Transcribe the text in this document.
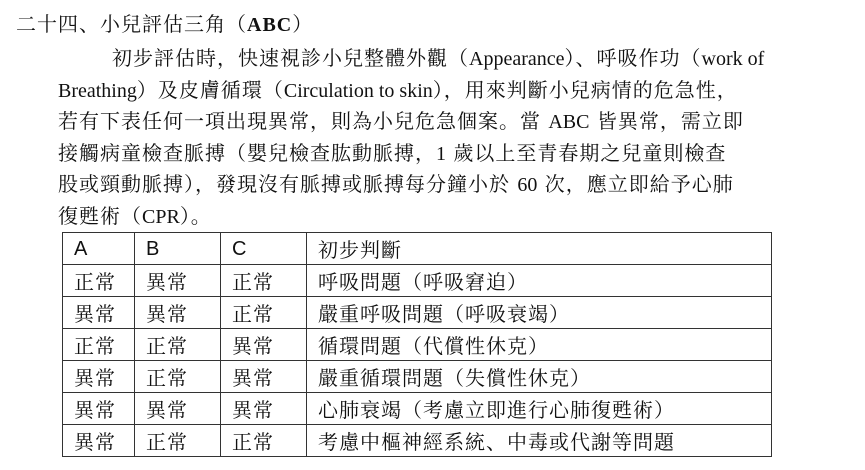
二十四、小兒評估三角（ABC）
初步評估時，快速視診小兒整體外觀（Appearance）、呼吸作功（work of
Breathing）及皮膚循環（Circulation to skin），用來判斷小兒病情的危急性，
若有下表任何一項出現異常，則為小兒危急個案。當 ABC 皆異常，需立即
接觸病童檢查脈搏（嬰兒檢查肱動脈搏，1 歲以上至青春期之兒童則檢查
股或頸動脈搏），發現沒有脈搏或脈搏每分鐘小於 60 次，應立即給予心肺
復甦術（CPR）。
A	B	C	初步判斷
正常	異常	正常	呼吸問題（呼吸窘迫）
異常	異常	正常	嚴重呼吸問題（呼吸衰竭）
正常	正常	異常	循環問題（代償性休克）
異常	正常	異常	嚴重循環問題（失償性休克）
異常	異常	異常	心肺衰竭（考慮立即進行心肺復甦術）
異常	正常	正常	考慮中樞神經系統、中毒或代謝等問題
